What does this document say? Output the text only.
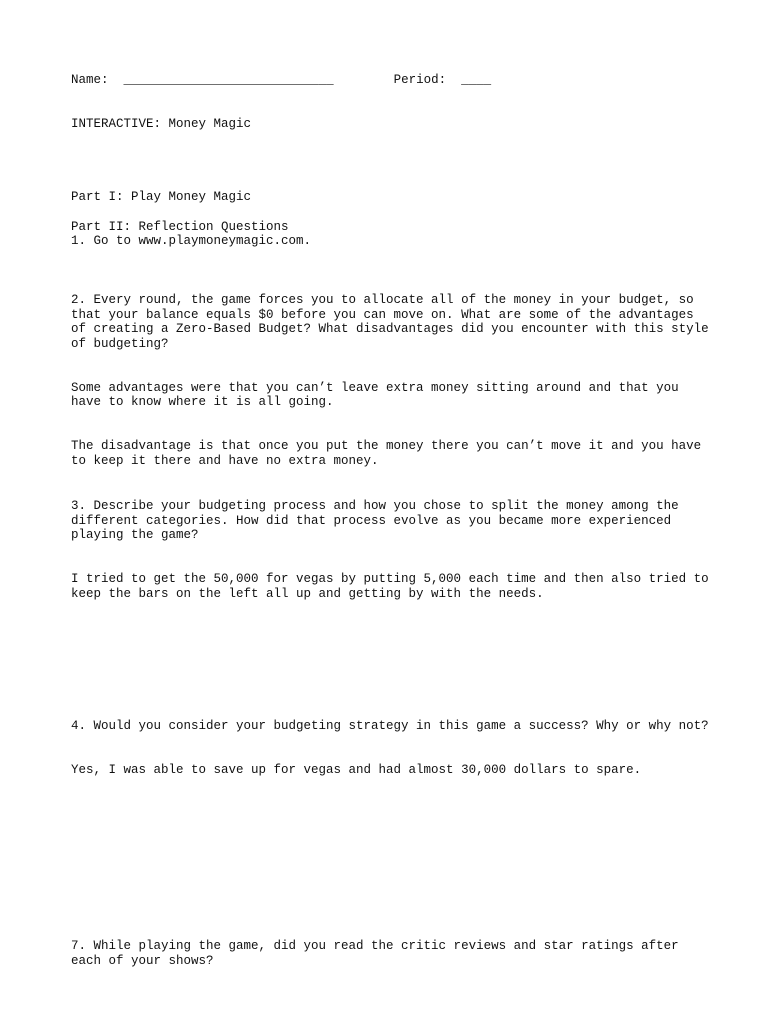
Name: ____________________________	Period: ____
INTERACTIVE: Money Magic

Part I: Play Money Magic

1. Go to www.playmoneymagic.com.

Part II: Reflection Questions

2. Every round, the game forces you to allocate all of the money in your budget, so that your balance equals $0 before you can move on. What are some of the advantages of creating a Zero-Based Budget? What disadvantages did you encounter with this style of budgeting?

Some advantages were that you can’t leave extra money sitting around and that you have to know where it is all going.

The disadvantage is that once you put the money there you can’t move it and you have to keep it there and have no extra money.

3. Describe your budgeting process and how you chose to split the money among the different categories. How did that process evolve as you became more experienced playing the game?

I tried to get the 50,000 for vegas by putting 5,000 each time and then also tried to keep the bars on the left all up and getting by with the needs.

4. Would you consider your budgeting strategy in this game a success? Why or why not?

Yes, I was able to save up for vegas and had almost 30,000 dollars to spare.

7. While playing the game, did you read the critic reviews and star ratings after each of your shows?
